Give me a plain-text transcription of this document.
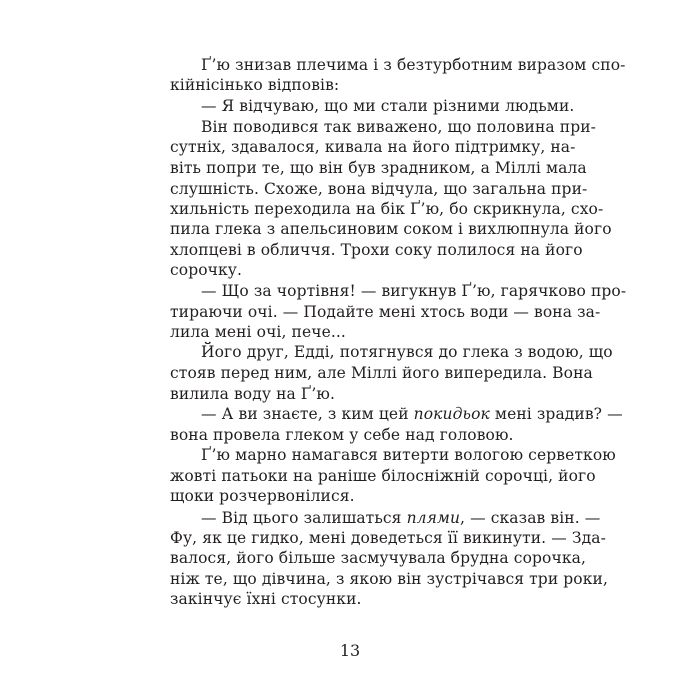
Ґ’ю знизав плечима і з безтурботним виразом спо-
кійнісінько відповів:
— Я відчуваю, що ми стали різними людьми.
Він поводився так виважено, що половина при-
сутніх, здавалося, кивала на його підтримку, на-
віть попри те, що він був зрадником, а Міллі мала
слушність. Схоже, вона відчула, що загальна при-
хильність переходила на бік Ґ’ю, бо скрикнула, схо-
пила глека з апельсиновим соком і вихлюпнула його
хлопцеві в обличчя. Трохи соку полилося на його
сорочку.
— Що за чортівня! — вигукнув Ґ’ю, гарячково про-
тираючи очі. — Подайте мені хтось води — вона за-
лила мені очі, пече...
Його друг, Едді, потягнувся до глека з водою, що
стояв перед ним, але Міллі його випередила. Вона
вилила воду на Ґ’ю.
— А ви знаєте, з ким цей покидьок мені зрадив? —
вона провела глеком у себе над головою.
Ґ’ю марно намагався витерти вологою серветкою
жовті патьоки на раніше білосніжній сорочці, його
щоки розчервонілися.
— Від цього залишаться плями, — сказав він. —
Фу, як це гидко, мені доведеться її викинути. — Зда-
валося, його більше засмучувала брудна сорочка,
ніж те, що дівчина, з якою він зустрічався три роки,
закінчує їхні стосунки.
13
